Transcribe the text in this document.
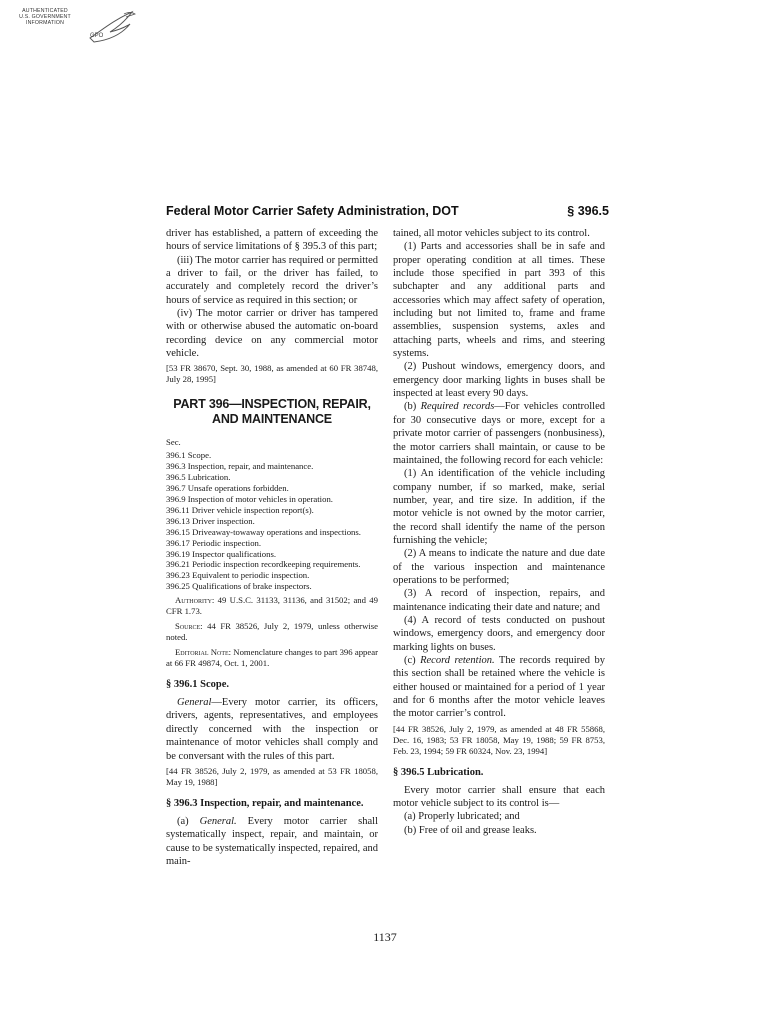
AUTHENTICATED
U.S. GOVERNMENT
INFORMATION
GPO
Federal Motor Carrier Safety Administration, DOT	§ 396.5

driver has established, a pattern of exceeding the hours of service limitations of § 395.3 of this part;

(iii) The motor carrier has required or permitted a driver to fail, or the driver has failed, to accurately and completely record the driver’s hours of service as required in this section; or

(iv) The motor carrier or driver has tampered with or otherwise abused the automatic on-board recording device on any commercial motor vehicle.

[53 FR 38670, Sept. 30, 1988, as amended at 60 FR 38748, July 28, 1995]

PART 396—INSPECTION, REPAIR,
AND MAINTENANCE
Sec.
396.1 Scope.
396.3 Inspection, repair, and maintenance.
396.5 Lubrication.
396.7 Unsafe operations forbidden.
396.9 Inspection of motor vehicles in operation.
396.11 Driver vehicle inspection report(s).
396.13 Driver inspection.
396.15 Driveaway-towaway operations and inspections.
396.17 Periodic inspection.
396.19 Inspector qualifications.
396.21 Periodic inspection recordkeeping requirements.
396.23 Equivalent to periodic inspection.
396.25 Qualifications of brake inspectors.

Authority: 49 U.S.C. 31133, 31136, and 31502; and 49 CFR 1.73.

Source: 44 FR 38526, July 2, 1979, unless otherwise noted.

Editorial Note: Nomenclature changes to part 396 appear at 66 FR 49874, Oct. 1, 2001.

§ 396.1 Scope.

General—Every motor carrier, its officers, drivers, agents, representatives, and employees directly concerned with the inspection or maintenance of motor vehicles shall comply and be conversant with the rules of this part.

[44 FR 38526, July 2, 1979, as amended at 53 FR 18058, May 19, 1988]

§ 396.3 Inspection, repair, and maintenance.

(a) General. Every motor carrier shall systematically inspect, repair, and maintain, or cause to be systematically inspected, repaired, and main-

tained, all motor vehicles subject to its control.

(1) Parts and accessories shall be in safe and proper operating condition at all times. These include those specified in part 393 of this subchapter and any additional parts and accessories which may affect safety of operation, including but not limited to, frame and frame assemblies, suspension systems, axles and attaching parts, wheels and rims, and steering systems.

(2) Pushout windows, emergency doors, and emergency door marking lights in buses shall be inspected at least every 90 days.

(b) Required records—For vehicles controlled for 30 consecutive days or more, except for a private motor carrier of passengers (nonbusiness), the motor carriers shall maintain, or cause to be maintained, the following record for each vehicle:

(1) An identification of the vehicle including company number, if so marked, make, serial number, year, and tire size. In addition, if the motor vehicle is not owned by the motor carrier, the record shall identify the name of the person furnishing the vehicle;

(2) A means to indicate the nature and due date of the various inspection and maintenance operations to be performed;

(3) A record of inspection, repairs, and maintenance indicating their date and nature; and

(4) A record of tests conducted on pushout windows, emergency doors, and emergency door marking lights on buses.

(c) Record retention. The records required by this section shall be retained where the vehicle is either housed or maintained for a period of 1 year and for 6 months after the motor vehicle leaves the motor carrier’s control.

[44 FR 38526, July 2, 1979, as amended at 48 FR 55868, Dec. 16, 1983; 53 FR 18058, May 19, 1988; 59 FR 8753, Feb. 23, 1994; 59 FR 60324, Nov. 23, 1994]

§ 396.5 Lubrication.

Every motor carrier shall ensure that each motor vehicle subject to its control is—

(a) Properly lubricated; and

(b) Free of oil and grease leaks.

1137
